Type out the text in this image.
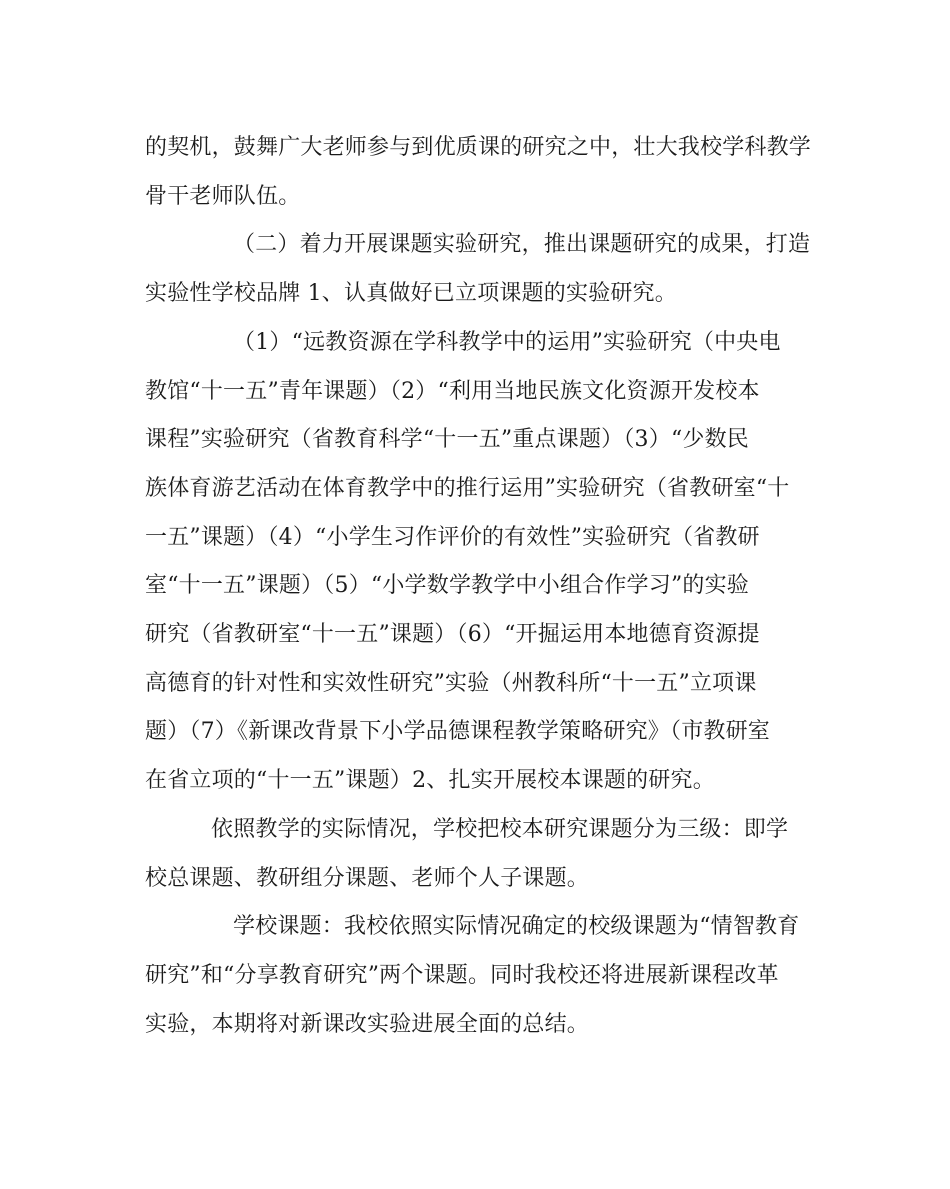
的契机，鼓舞广大老师参与到优质课的研究之中，壮大我校学科教学
骨干老师队伍。

（二）着力开展课题实验研究，推出课题研究的成果，打造
实验性学校品牌 1、认真做好已立项课题的实验研究。

（1）“远教资源在学科教学中的运用”实验研究（中央电
教馆“十一五”青年课题）（2）“利用当地民族文化资源开发校本
课程”实验研究（省教育科学“十一五”重点课题）（3）“少数民
族体育游艺活动在体育教学中的推行运用”实验研究（省教研室“十
一五”课题）（4）“小学生习作评价的有效性”实验研究（省教研
室“十一五”课题）（5）“小学数学教学中小组合作学习”的实验
研究（省教研室“十一五”课题）（6）“开掘运用本地德育资源提
高德育的针对性和实效性研究”实验（州教科所“十一五”立项课
题）（7）《新课改背景下小学品德课程教学策略研究》（市教研室
在省立项的“十一五”课题）2、扎实开展校本课题的研究。

依照教学的实际情况，学校把校本研究课题分为三级：即学
校总课题、教研组分课题、老师个人子课题。

学校课题：我校依照实际情况确定的校级课题为“情智教育
研究”和“分享教育研究”两个课题。同时我校还将进展新课程改革
实验，本期将对新课改实验进展全面的总结。
